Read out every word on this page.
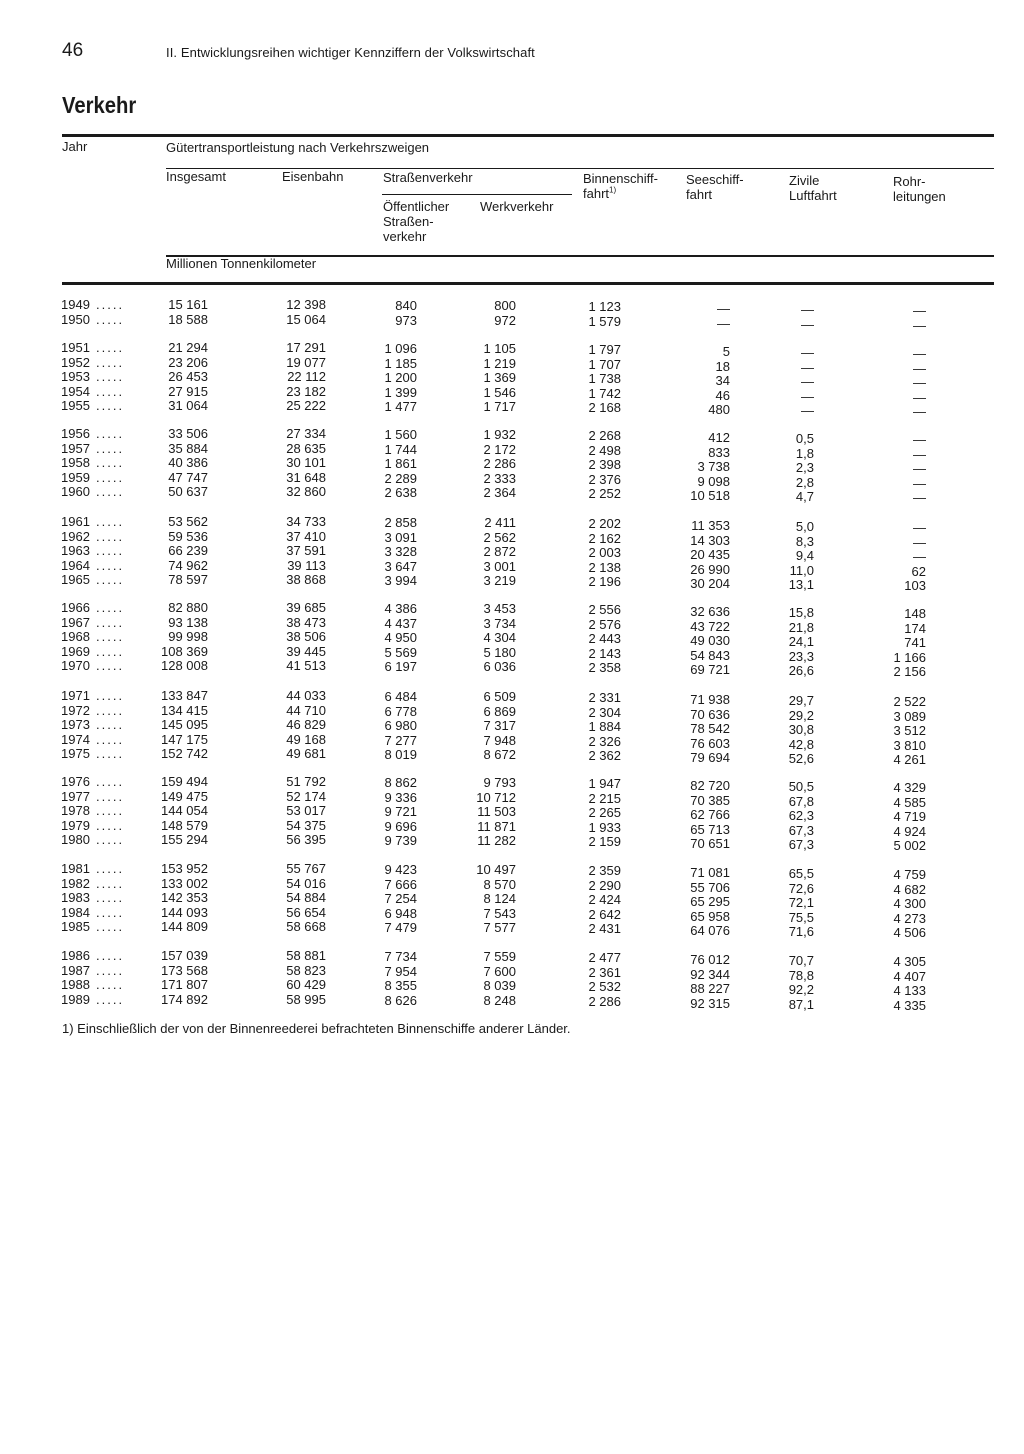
46	II. Entwicklungsreihen wichtiger Kennziffern der Volkswirtschaft
Verkehr
Jahr	Gütertransportleistung nach Verkehrszweigen
Insgesamt	Eisenbahn	Straßenverkehr
Öffentlicher
Straßen-
verkehr
Werkverkehr
Binnenschiff-
fahrt$^{1)}$
Seeschiff-
fahrt
Zivile
Luftfahrt
Rohr-
leitungen
Millionen Tonnenkilometer
1949 .....	15 161	12 398	840	800	1 123	—	—	—
1950 .....	18 588	15 064	973	972	1 579	—	—	—
1951 .....	21 294	17 291	1 096	1 105	1 797	5	—	—
1952 .....	23 206	19 077	1 185	1 219	1 707	18	—	—
1953 .....	26 453	22 112	1 200	1 369	1 738	34	—	—
1954 .....	27 915	23 182	1 399	1 546	1 742	46	—	—
1955 .....	31 064	25 222	1 477	1 717	2 168	480	—	—
1956 .....	33 506	27 334	1 560	1 932	2 268	412	0,5	—
1957 .....	35 884	28 635	1 744	2 172	2 498	833	1,8	—
1958 .....	40 386	30 101	1 861	2 286	2 398	3 738	2,3	—
1959 .....	47 747	31 648	2 289	2 333	2 376	9 098	2,8	—
1960 .....	50 637	32 860	2 638	2 364	2 252	10 518	4,7	—
1961 .....	53 562	34 733	2 858	2 411	2 202	11 353	5,0	—
1962 .....	59 536	37 410	3 091	2 562	2 162	14 303	8,3	—
1963 .....	66 239	37 591	3 328	2 872	2 003	20 435	9,4	—
1964 .....	74 962	39 113	3 647	3 001	2 138	26 990	11,0	62
1965 .....	78 597	38 868	3 994	3 219	2 196	30 204	13,1	103
1966 .....	82 880	39 685	4 386	3 453	2 556	32 636	15,8	148
1967 .....	93 138	38 473	4 437	3 734	2 576	43 722	21,8	174
1968 .....	99 998	38 506	4 950	4 304	2 443	49 030	24,1	741
1969 .....	108 369	39 445	5 569	5 180	2 143	54 843	23,3	1 166
1970 .....	128 008	41 513	6 197	6 036	2 358	69 721	26,6	2 156
1971 .....	133 847	44 033	6 484	6 509	2 331	71 938	29,7	2 522
1972 .....	134 415	44 710	6 778	6 869	2 304	70 636	29,2	3 089
1973 .....	145 095	46 829	6 980	7 317	1 884	78 542	30,8	3 512
1974 .....	147 175	49 168	7 277	7 948	2 326	76 603	42,8	3 810
1975 .....	152 742	49 681	8 019	8 672	2 362	79 694	52,6	4 261
1976 .....	159 494	51 792	8 862	9 793	1 947	82 720	50,5	4 329
1977 .....	149 475	52 174	9 336	10 712	2 215	70 385	67,8	4 585
1978 .....	144 054	53 017	9 721	11 503	2 265	62 766	62,3	4 719
1979 .....	148 579	54 375	9 696	11 871	1 933	65 713	67,3	4 924
1980 .....	155 294	56 395	9 739	11 282	2 159	70 651	67,3	5 002
1981 .....	153 952	55 767	9 423	10 497	2 359	71 081	65,5	4 759
1982 .....	133 002	54 016	7 666	8 570	2 290	55 706	72,6	4 682
1983 .....	142 353	54 884	7 254	8 124	2 424	65 295	72,1	4 300
1984 .....	144 093	56 654	6 948	7 543	2 642	65 958	75,5	4 273
1985 .....	144 809	58 668	7 479	7 577	2 431	64 076	71,6	4 506
1986 .....	157 039	58 881	7 734	7 559	2 477	76 012	70,7	4 305
1987 .....	173 568	58 823	7 954	7 600	2 361	92 344	78,8	4 407
1988 .....	171 807	60 429	8 355	8 039	2 532	88 227	92,2	4 133
1989 .....	174 892	58 995	8 626	8 248	2 286	92 315	87,1	4 335
1) Einschließlich der von der Binnenreederei befrachteten Binnenschiffe anderer Länder.
